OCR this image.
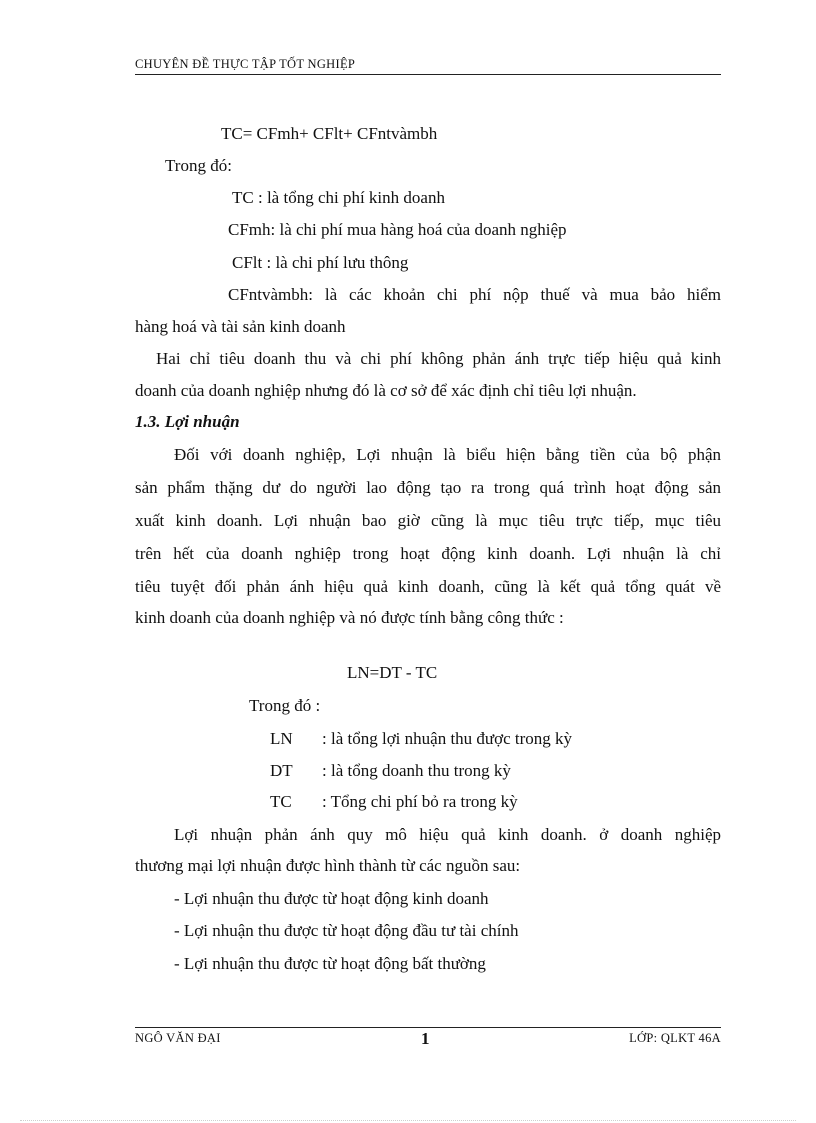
CHUYÊN ĐỀ THỰC TẬP TỐT NGHIỆP
TC= CFmh+ CFlt+ CFntvàmbh
Trong đó:
TC : là tổng chi phí kinh doanh
CFmh: là chi phí mua hàng hoá của doanh nghiệp
CFlt : là chi phí lưu thông
CFntvàmbh: là các khoản chi phí nộp thuế và mua bảo hiểm
hàng hoá và tài sản kinh doanh
Hai chỉ tiêu doanh thu và chi phí không phản ánh trực tiếp hiệu quả kinh
doanh của doanh nghiệp nhưng đó là cơ sở để xác định chỉ tiêu lợi nhuận.
1.3. Lợi nhuận
Đối với doanh nghiệp, Lợi nhuận là biểu hiện bằng tiền của bộ phận
sản phẩm thặng dư do người lao động tạo ra trong quá trình hoạt động sản
xuất kinh doanh. Lợi nhuận bao giờ cũng là mục tiêu trực tiếp, mục tiêu
trên hết của doanh nghiệp trong hoạt động kinh doanh. Lợi nhuận là chỉ
tiêu tuyệt đối phản ánh hiệu quả kinh doanh, cũng là kết quả tổng quát về
kinh doanh của doanh nghiệp và nó được tính bằng công thức :
LN=DT - TC
Trong đó :
LN : là tổng lợi nhuận thu được trong kỳ
DT : là tổng doanh thu trong kỳ
TC : Tổng chi phí bỏ ra trong kỳ
Lợi nhuận phản ánh quy mô hiệu quả kinh doanh. ở doanh nghiệp
thương mại lợi nhuận được hình thành từ các nguồn sau:
- Lợi nhuận thu được từ hoạt động kinh doanh
- Lợi nhuận thu được từ hoạt động đầu tư tài chính
- Lợi nhuận thu được từ hoạt động bất thường
NGÔ VĂN ĐẠI	1	LỚP: QLKT 46A
